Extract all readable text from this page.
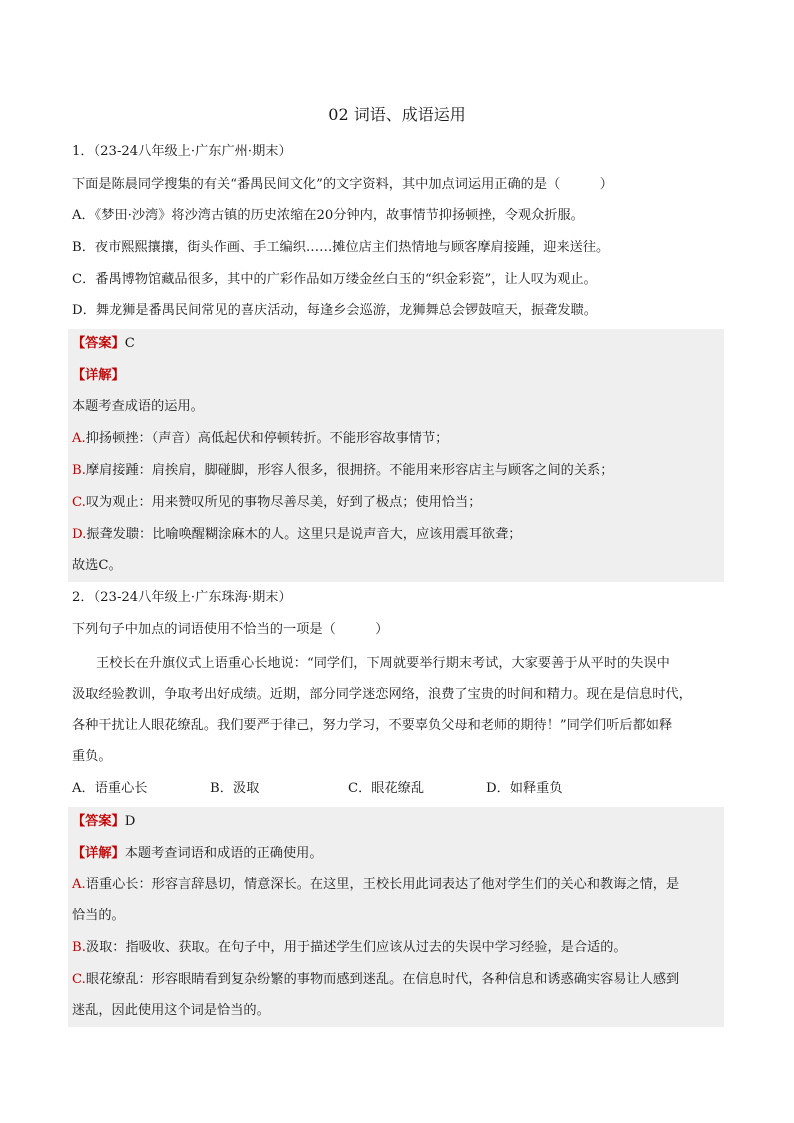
02 词语、成语运用
1．（23-24八年级上·广东广州·期末）
下面是陈晨同学搜集的有关“番禺民间文化”的文字资料，其中加点词运用正确的是（　　　）
A．《梦田·沙湾》将沙湾古镇的历史浓缩在20分钟内，故事情节抑扬顿挫，令观众折服。
B．夜市熙熙攘攘，街头作画、手工编织……摊位店主们热情地与顾客摩肩接踵，迎来送往。
C．番禺博物馆藏品很多，其中的广彩作品如万缕金丝白玉的“织金彩瓷”，让人叹为观止。
D．舞龙狮是番禺民间常见的喜庆活动，每逢乡会巡游，龙狮舞总会锣鼓喧天，振聋发聩。
【答案】C
【详解】
本题考查成语的运用。
A.抑扬顿挫：（声音）高低起伏和停顿转折。不能形容故事情节；
B.摩肩接踵：肩挨肩，脚碰脚，形容人很多，很拥挤。不能用来形容店主与顾客之间的关系；
C.叹为观止：用来赞叹所见的事物尽善尽美，好到了极点；使用恰当；
D.振聋发聩：比喻唤醒糊涂麻木的人。这里只是说声音大，应该用震耳欲聋；
故选C。
2．（23-24八年级上·广东珠海·期末）
下列句子中加点的词语使用不恰当的一项是（　　　）
王校长在升旗仪式上语重心长地说：“同学们，下周就要举行期末考试，大家要善于从平时的失误中
汲取经验教训，争取考出好成绩。近期，部分同学迷恋网络，浪费了宝贵的时间和精力。现在是信息时代，
各种干扰让人眼花缭乱。我们要严于律己，努力学习，不要辜负父母和老师的期待！”同学们听后都如释
重负。
A．语重心长	B．汲取	C．眼花缭乱	D．如释重负
【答案】D
【详解】本题考查词语和成语的正确使用。
A.语重心长：形容言辞恳切，情意深长。在这里，王校长用此词表达了他对学生们的关心和教诲之情，是
恰当的。
B.汲取：指吸收、获取。在句子中，用于描述学生们应该从过去的失误中学习经验，是合适的。
C.眼花缭乱：形容眼睛看到复杂纷繁的事物而感到迷乱。在信息时代，各种信息和诱惑确实容易让人感到
迷乱，因此使用这个词是恰当的。
